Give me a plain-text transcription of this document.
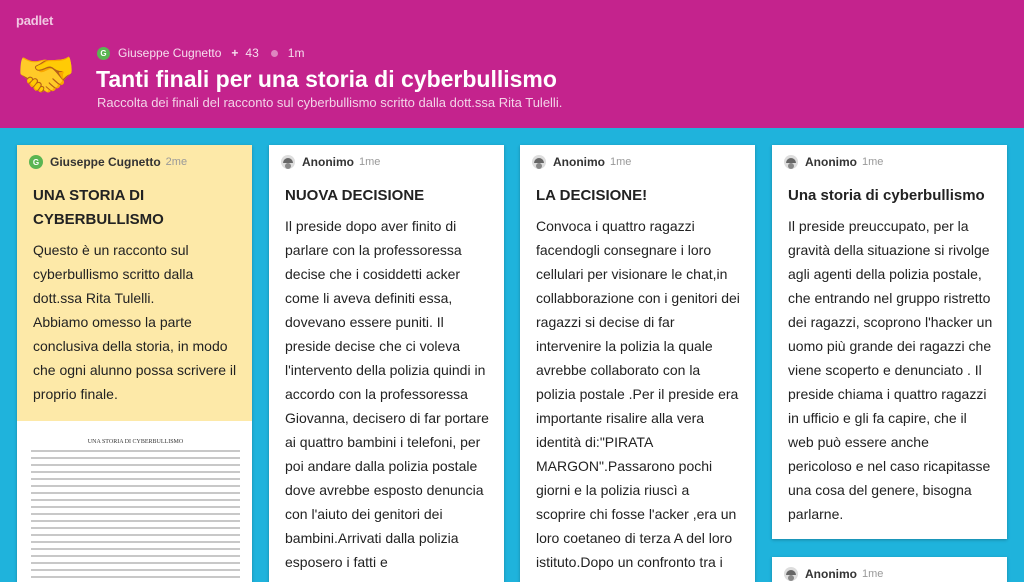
padlet
🤝	G Giuseppe Cugnetto + 43 1m
Tanti finali per una storia di cyberbullismo
Raccolta dei finali del racconto sul cyberbullismo scritto dalla dott.ssa Rita Tulelli.
G Giuseppe Cugnetto 2me
UNA STORIA DI CYBERBULLISMO

Questo è un racconto sul cyberbullismo scritto dalla dott.ssa Rita Tulelli.
Abbiamo omesso la parte conclusiva della storia, in modo che ogni alunno possa scrivere il proprio finale.

UNA STORIA DI CYBERBULLISMO
Anonimo 1me
NUOVA DECISIONE

Il preside dopo aver finito di parlare con la professoressa decise che i cosiddetti acker come li aveva definiti essa, dovevano essere puniti. Il preside decise che ci voleva l'intervento della polizia quindi in accordo con la professoressa Giovanna, decisero di far portare ai quattro bambini i telefoni, per poi andare dalla polizia postale dove avrebbe esposto denuncia con l'aiuto dei genitori dei bambini.Arrivati dalla polizia esposero i fatti e

Anonimo 1me
LA DECISIONE!

Convoca i quattro ragazzi facendogli consegnare i loro cellulari per visionare le chat,in collabborazione con i genitori dei ragazzi si decise di far intervenire la polizia la quale avrebbe collaborato con la polizia postale .Per il preside era importante risalire alla vera identità di:"PIRATA MARGON".Passarono pochi giorni e la polizia riuscì a scoprire chi fosse l'acker ,era un loro coetaneo di terza A del loro istituto.Dopo un confronto tra i

Anonimo 1me
Una storia di cyberbullismo

Il preside preuccupato, per la gravità della situazione si rivolge agli agenti della polizia postale, che entrando nel gruppo ristretto dei ragazzi, scoprono l'hacker un uomo più grande dei ragazzi che viene scoperto e denunciato . Il preside chiama i quattro ragazzi in ufficio e gli fa capire, che il web può essere anche pericoloso e nel caso ricapitasse una cosa del genere, bisogna parlarne.

Anonimo 1me
